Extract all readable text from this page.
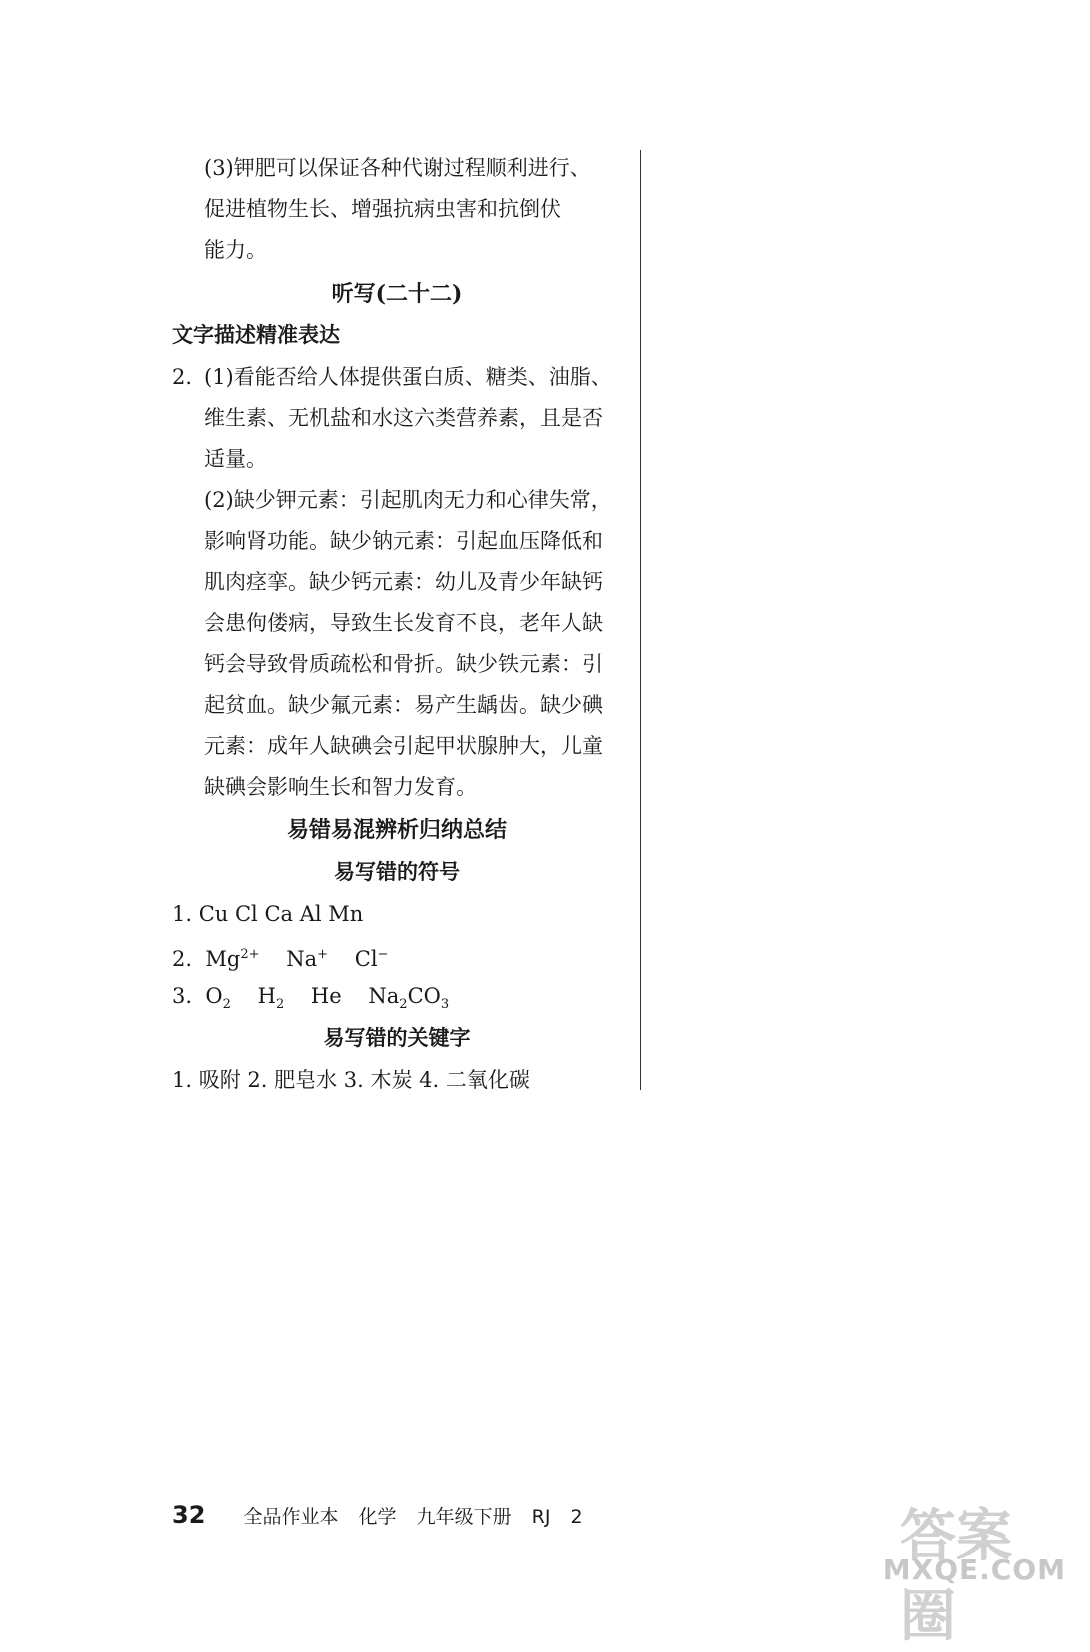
(3)钾肥可以保证各种代谢过程顺利进行、
促进植物生长、增强抗病虫害和抗倒伏
能力。
听写(二十二)
文字描述精准表达
2. (1)看能否给人体提供蛋白质、糖类、油脂、
维生素、无机盐和水这六类营养素，且是否
适量。
(2)缺少钾元素：引起肌肉无力和心律失常，
影响肾功能。缺少钠元素：引起血压降低和
肌肉痉挛。缺少钙元素：幼儿及青少年缺钙
会患佝偻病，导致生长发育不良，老年人缺
钙会导致骨质疏松和骨折。缺少铁元素：引
起贫血。缺少氟元素：易产生龋齿。缺少碘
元素：成年人缺碘会引起甲状腺肿大，儿童
缺碘会影响生长和智力发育。
易错易混辨析归纳总结
易写错的符号
1. Cu Cl Ca Al Mn
2. $Mg^{2+}$ Na+ Cl−
3. $O_2$ $H_2$ He $Na_2CO_3$
易写错的关键字
1. 吸附 2. 肥皂水 3. 木炭 4. 二氧化碳
32 全品作业本 化学 九年级下册 RJ 2	答案圈
MXQE.COM
